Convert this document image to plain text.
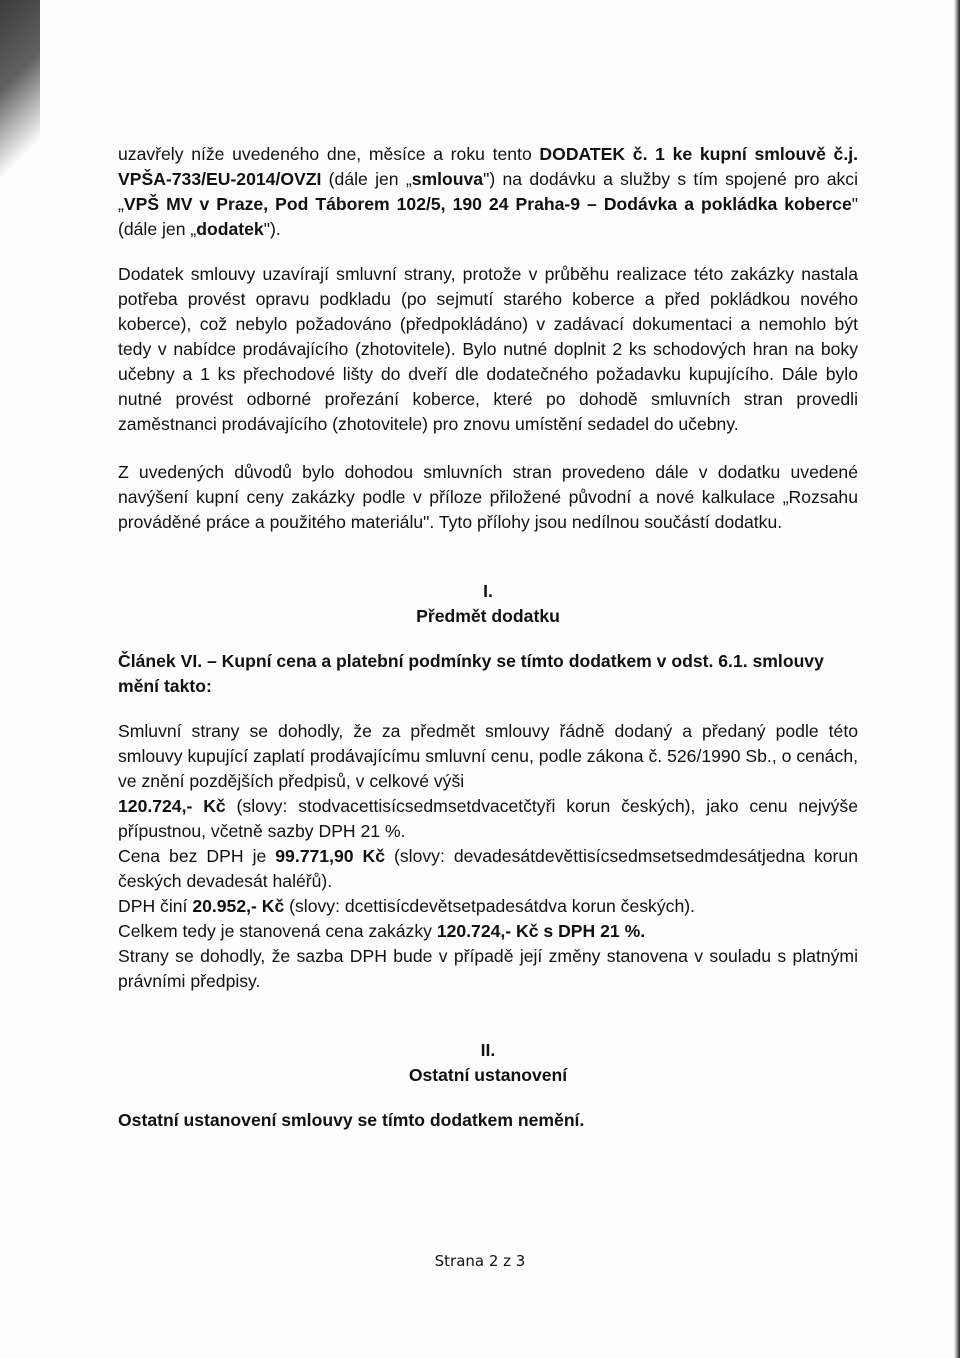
uzavřely níže uvedeného dne, měsíce a roku tento DODATEK č. 1 ke kupní smlouvě č.j. VPŠA-733/EU-2014/OVZI (dále jen „smlouva") na dodávku a služby s tím spojené pro akci „VPŠ MV v Praze, Pod Táborem 102/5, 190 24 Praha-9 – Dodávka a pokládka koberce" (dále jen „dodatek").

Dodatek smlouvy uzavírají smluvní strany, protože v průběhu realizace této zakázky nastala potřeba provést opravu podkladu (po sejmutí starého koberce a před pokládkou nového koberce), což nebylo požadováno (předpokládáno) v zadávací dokumentaci a nemohlo být tedy v nabídce prodávajícího (zhotovitele). Bylo nutné doplnit 2 ks schodových hran na boky učebny a 1 ks přechodové lišty do dveří dle dodatečného požadavku kupujícího. Dále bylo nutné provést odborné prořezání koberce, které po dohodě smluvních stran provedli zaměstnanci prodávajícího (zhotovitele) pro znovu umístění sedadel do učebny.

Z uvedených důvodů bylo dohodou smluvních stran provedeno dále v dodatku uvedené navýšení kupní ceny zakázky podle v příloze přiložené původní a nové kalkulace „Rozsahu prováděné práce a použitého materiálu". Tyto přílohy jsou nedílnou součástí dodatku.

I.

Předmět dodatku

Článek VI. – Kupní cena a platební podmínky se tímto dodatkem v odst. 6.1. smlouvy mění takto:

Smluvní strany se dohodly, že za předmět smlouvy řádně dodaný a předaný podle této smlouvy kupující zaplatí prodávajícímu smluvní cenu, podle zákona č. 526/1990 Sb., o cenách, ve znění pozdějších předpisů, v celkové výši

120.724,- Kč (slovy: stodvacettisícsedmsetdvacetčtyři korun českých), jako cenu nejvýše přípustnou, včetně sazby DPH 21 %.

Cena bez DPH je 99.771,90 Kč (slovy: devadesátdevěttisícsedmsetsedmdesátjedna korun českých devadesát haléřů).

DPH činí 20.952,- Kč (slovy: dcettisícdevětsetpadesátdva korun českých).

Celkem tedy je stanovená cena zakázky 120.724,- Kč s DPH 21 %.

Strany se dohodly, že sazba DPH bude v případě její změny stanovena v souladu s platnými právními předpisy.

II.

Ostatní ustanovení

Ostatní ustanovení smlouvy se tímto dodatkem nemění.

Strana 2 z 3
